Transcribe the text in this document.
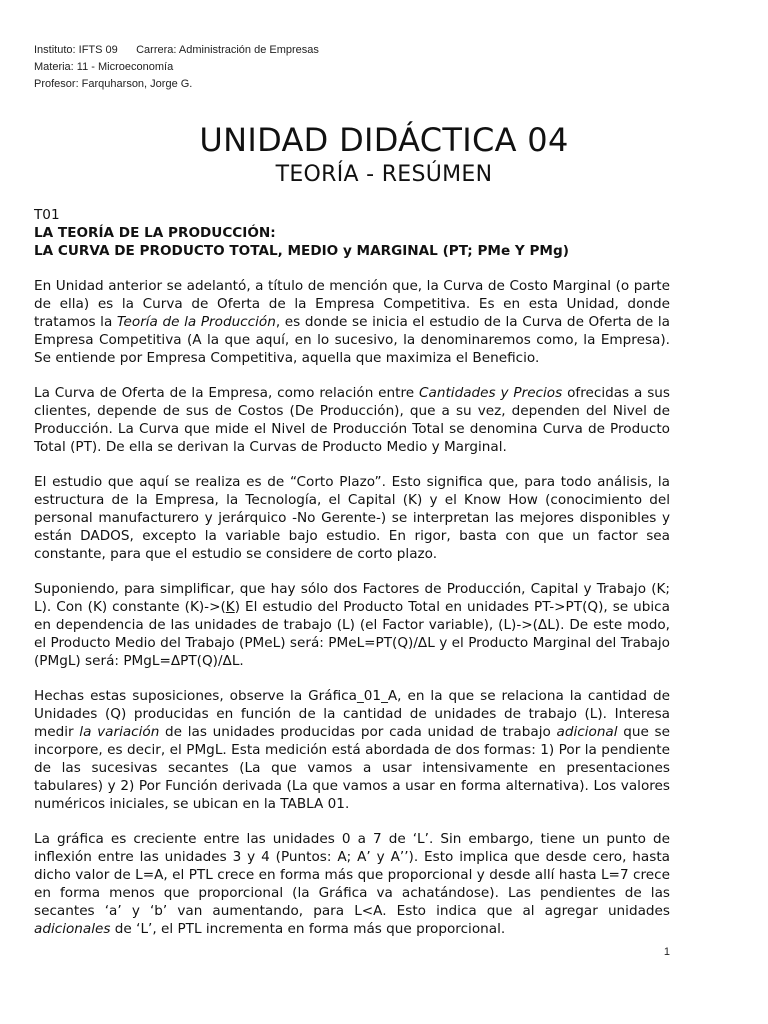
Instituto: IFTS 09 Carrera: Administración de Empresas
Materia: 11 - Microeconomía
Profesor: Farquharson, Jorge G.
UNIDAD DIDÁCTICA 04
TEORÍA - RESÚMEN

T01

LA TEORÍA DE LA PRODUCCIÓN:

LA CURVA DE PRODUCTO TOTAL, MEDIO y MARGINAL (PT; PMe Y PMg)

En Unidad anterior se adelantó, a título de mención que, la Curva de Costo Marginal (o parte de ella) es la Curva de Oferta de la Empresa Competitiva. Es en esta Unidad, donde tratamos la Teoría de la Producción, es donde se inicia el estudio de la Curva de Oferta de la Empresa Competitiva (A la que aquí, en lo sucesivo, la denominaremos como, la Empresa). Se entiende por Empresa Competitiva, aquella que maximiza el Beneficio.

La Curva de Oferta de la Empresa, como relación entre Cantidades y Precios ofrecidas a sus clientes, depende de sus de Costos (De Producción), que a su vez, dependen del Nivel de Producción. La Curva que mide el Nivel de Producción Total se denomina Curva de Producto Total (PT). De ella se derivan la Curvas de Producto Medio y Marginal.

El estudio que aquí se realiza es de “Corto Plazo”. Esto significa que, para todo análisis, la estructura de la Empresa, la Tecnología, el Capital (K) y el Know How (conocimiento del personal manufacturero y jerárquico -No Gerente-) se interpretan las mejores disponibles y están DADOS, excepto la variable bajo estudio. En rigor, basta con que un factor sea constante, para que el estudio se considere de corto plazo.

Suponiendo, para simplificar, que hay sólo dos Factores de Producción, Capital y Trabajo (K; L). Con (K) constante (K)->(K) El estudio del Producto Total en unidades PT->PT(Q), se ubica en dependencia de las unidades de trabajo (L) (el Factor variable), (L)->(ΔL). De este modo, el Producto Medio del Trabajo (PMeL) será: PMeL=PT(Q)/ΔL y el Producto Marginal del Trabajo (PMgL) será: PMgL=ΔPT(Q)/ΔL.

Hechas estas suposiciones, observe la Gráfica_01_A, en la que se relaciona la cantidad de Unidades (Q) producidas en función de la cantidad de unidades de trabajo (L). Interesa medir la variación de las unidades producidas por cada unidad de trabajo adicional que se incorpore, es decir, el PMgL. Esta medición está abordada de dos formas: 1) Por la pendiente de las sucesivas secantes (La que vamos a usar intensivamente en presentaciones tabulares) y 2) Por Función derivada (La que vamos a usar en forma alternativa). Los valores numéricos iniciales, se ubican en la TABLA 01.

La gráfica es creciente entre las unidades 0 a 7 de ‘L’. Sin embargo, tiene un punto de inflexión entre las unidades 3 y 4 (Puntos: A; A’ y A’’). Esto implica que desde cero, hasta dicho valor de L=A, el PTL crece en forma más que proporcional y desde allí hasta L=7 crece en forma menos que proporcional (la Gráfica va achatándose). Las pendientes de las secantes ‘a’ y ‘b’ van aumentando, para L<A. Esto indica que al agregar unidades adicionales de ‘L’, el PTL incrementa en forma más que proporcional.

1
